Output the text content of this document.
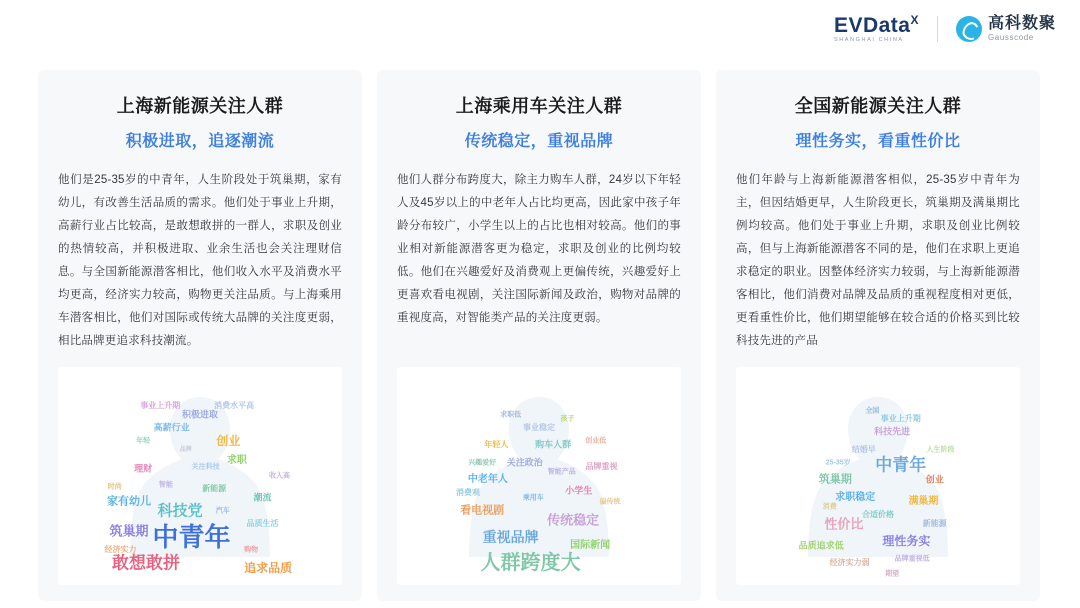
EVData$^X$
SHANGHAI CHINA
高科数聚
Gausscode
上海新能源关注人群
积极进取，追逐潮流
他们是25-35岁的中青年，人生阶段处于筑巢期，家有幼儿，有改善生活品质的需求。他们处于事业上升期，高薪行业占比较高，是敢想敢拼的一群人，求职及创业的热情较高，并积极进取、业余生活也会关注理财信息。与全国新能源潜客相比，他们收入水平及消费水平均更高，经济实力较高，购物更关注品质。与上海乘用车潜客相比，他们对国际或传统大品牌的关注度更弱，相比品牌更追求科技潮流。
中青年
敢想敢拼	追求品质
科技党
筑巢期
家有幼儿
创业
求职
高薪行业
理财
潮流
积极进取
消费水平高
事业上升期
品质生活
经济实力
新能源
智能
购物
关注科技
年轻
收入高
时尚
汽车
品牌
上海乘用车关注人群
传统稳定，重视品牌
他们人群分布跨度大，除主力购车人群，24岁以下年轻人及45岁以上的中老年人占比均更高，因此家中孩子年龄分布较广，小学生以上的占比也相对较高。他们的事业相对新能源潜客更为稳定，求职及创业的比例均较低。他们在兴趣爱好及消费观上更偏传统，兴趣爱好上更喜欢看电视剧，关注国际新闻及政治，购物对品牌的重视度高，对智能类产品的关注度更弱。
人群跨度大
重视品牌
传统稳定
看电视剧
国际新闻
中老年人
小学生
关注政治
购车人群
年轻人
事业稳定
品牌重视
消费观
孩子
求职低
创业低
兴趣爱好
智能产品
乘用车
偏传统
全国新能源关注人群
理性务实，看重性价比
他们年龄与上海新能源潜客相似，25-35岁中青年为主，但因结婚更早，人生阶段更长，筑巢期及满巢期比例均较高。他们处于事业上升期，求职及创业比例较高，但与上海新能源潜客不同的是，他们在求职上更追求稳定的职业。因整体经济实力较弱，与上海新能源潜客相比，他们消费对品牌及品质的重视程度相对更低，更看重性价比，他们期望能够在较合适的价格买到比较科技先进的产品
中青年
性价比
理性务实
筑巢期
满巢期
求职稳定
科技先进
品质追求低
创业
结婚早
事业上升期
经济实力弱
新能源
合适价格
品牌重视低
消费
全国
人生阶段
25-35岁
期望
